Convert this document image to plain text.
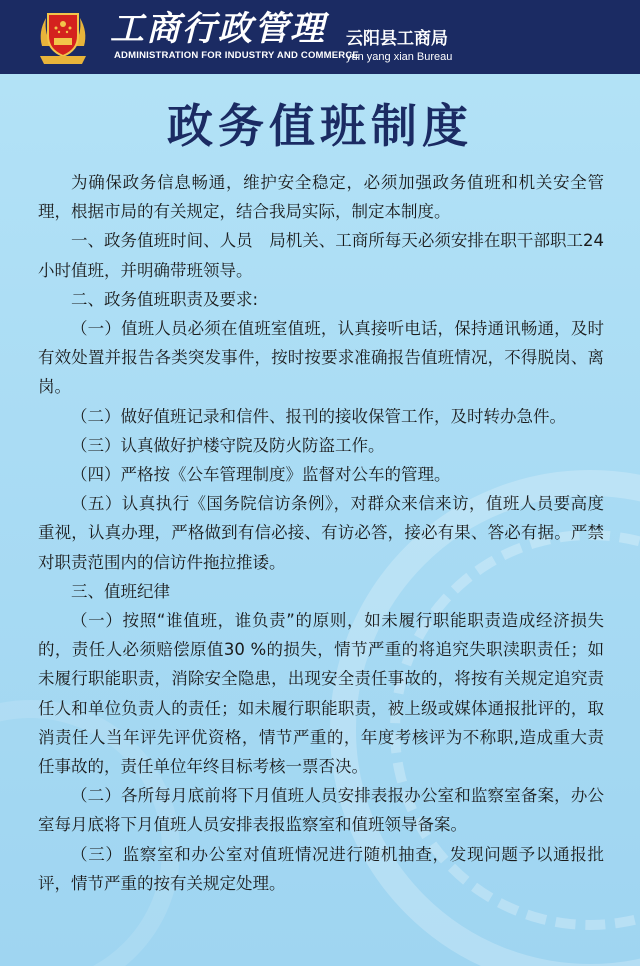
工商行政管理
ADMINISTRATION FOR INDUSTRY AND COMMERCE
云阳县工商局
yun yang xian Bureau
政务值班制度

为确保政务信息畅通，维护安全稳定，必须加强政务值班和机关安全管理，根据市局的有关规定，结合我局实际，制定本制度。

一、政务值班时间、人员　局机关、工商所每天必须安排在职干部职工24小时值班，并明确带班领导。

二、政务值班职责及要求:

（一）值班人员必须在值班室值班，认真接听电话，保持通讯畅通，及时有效处置并报告各类突发事件，按时按要求准确报告值班情况，不得脱岗、离岗。

（二）做好值班记录和信件、报刊的接收保管工作，及时转办急件。

（三）认真做好护楼守院及防火防盗工作。

（四）严格按《公车管理制度》监督对公车的管理。

（五）认真执行《国务院信访条例》，对群众来信来访，值班人员要高度重视，认真办理，严格做到有信必接、有访必答，接必有果、答必有据。严禁对职责范围内的信访件拖拉推诿。

三、值班纪律

（一）按照“谁值班，谁负责”的原则，如未履行职能职责造成经济损失的，责任人必须赔偿原值30 %的损失，情节严重的将追究失职渎职责任；如未履行职能职责，消除安全隐患，出现安全责任事故的，将按有关规定追究责任人和单位负责人的责任；如未履行职能职责，被上级或媒体通报批评的，取消责任人当年评先评优资格，情节严重的，年度考核评为不称职,造成重大责任事故的，责任单位年终目标考核一票否决。

（二）各所每月底前将下月值班人员安排表报办公室和监察室备案，办公室每月底将下月值班人员安排表报监察室和值班领导备案。

（三）监察室和办公室对值班情况进行随机抽查，发现问题予以通报批评，情节严重的按有关规定处理。
